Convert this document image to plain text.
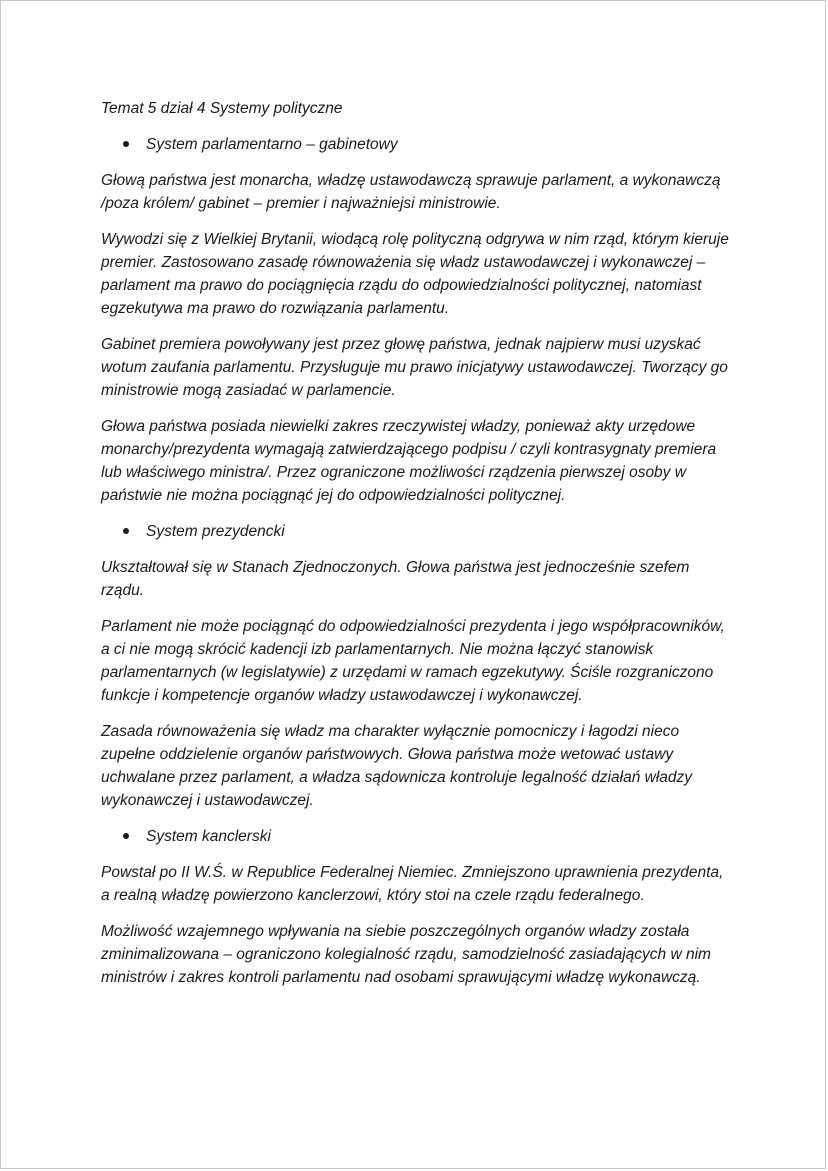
Temat 5 dział 4 Systemy polityczne

System parlamentarno – gabinetowy

Głową państwa jest monarcha, władzę ustawodawczą sprawuje parlament, a wykonawczą /poza królem/ gabinet – premier i najważniejsi ministrowie.

Wywodzi się z Wielkiej Brytanii, wiodącą rolę polityczną odgrywa w nim rząd, którym kieruje premier. Zastosowano zasadę równoważenia się władz ustawodawczej i wykonawczej – parlament ma prawo do pociągnięcia rządu do odpowiedzialności politycznej, natomiast egzekutywa ma prawo do rozwiązania parlamentu.

Gabinet premiera powoływany jest przez głowę państwa, jednak najpierw musi uzyskać wotum zaufania parlamentu. Przysługuje mu prawo inicjatywy ustawodawczej. Tworzący go ministrowie mogą zasiadać w parlamencie.

Głowa państwa posiada niewielki zakres rzeczywistej władzy, ponieważ akty urzędowe monarchy/prezydenta wymagają zatwierdzającego podpisu / czyli kontrasygnaty premiera lub właściwego ministra/. Przez ograniczone możliwości rządzenia pierwszej osoby w państwie nie można pociągnąć jej do odpowiedzialności politycznej.

System prezydencki

Ukształtował się w Stanach Zjednoczonych. Głowa państwa jest jednocześnie szefem rządu.

Parlament nie może pociągnąć do odpowiedzialności prezydenta i jego współpracowników, a ci nie mogą skrócić kadencji izb parlamentarnych. Nie można łączyć stanowisk parlamentarnych (w legislatywie) z urzędami w ramach egzekutywy. Ściśle rozgraniczono funkcje i kompetencje organów władzy ustawodawczej i wykonawczej.

Zasada równoważenia się władz ma charakter wyłącznie pomocniczy i łagodzi nieco zupełne oddzielenie organów państwowych. Głowa państwa może wetować ustawy uchwalane przez parlament, a władza sądownicza kontroluje legalność działań władzy wykonawczej i ustawodawczej.

System kanclerski

Powstał po II W.Ś. w Republice Federalnej Niemiec. Zmniejszono uprawnienia prezydenta, a realną władzę powierzono kanclerzowi, który stoi na czele rządu federalnego.

Możliwość wzajemnego wpływania na siebie poszczególnych organów władzy została zminimalizowana – ograniczono kolegialność rządu, samodzielność zasiadających w nim ministrów i zakres kontroli parlamentu nad osobami sprawującymi władzę wykonawczą.
